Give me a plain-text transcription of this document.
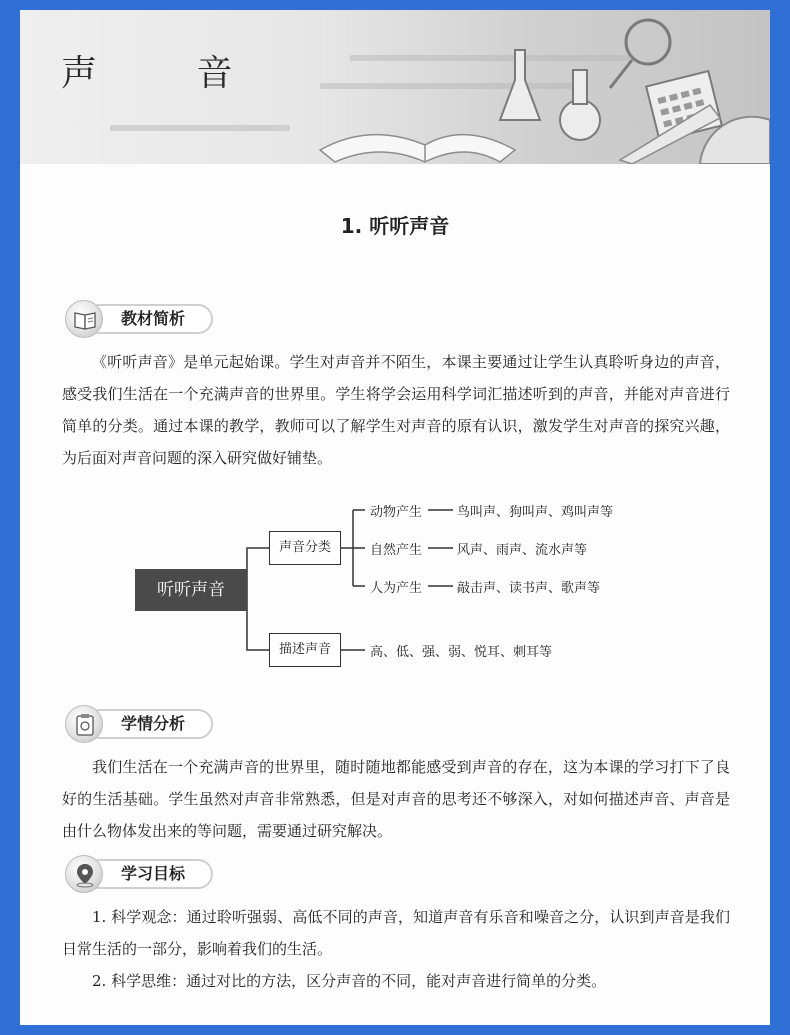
声 音
1. 听听声音
教材简析

《听听声音》是单元起始课。学生对声音并不陌生，本课主要通过让学生认真聆听身边的声音，感受我们生活在一个充满声音的世界里。学生将学会运用科学词汇描述听到的声音，并能对声音进行简单的分类。通过本课的教学，教师可以了解学生对声音的原有认识，激发学生对声音的探究兴趣，为后面对声音问题的深入研究做好铺垫。

听听声音
声音分类
描述声音
动物产生	鸟叫声、狗叫声、鸡叫声等
自然产生	风声、雨声、流水声等
人为产生	敲击声、读书声、歌声等
高、低、强、弱、悦耳、刺耳等
学情分析

我们生活在一个充满声音的世界里，随时随地都能感受到声音的存在，这为本课的学习打下了良好的生活基础。学生虽然对声音非常熟悉，但是对声音的思考还不够深入，对如何描述声音、声音是由什么物体发出来的等问题，需要通过研究解决。

学习目标

1. 科学观念：通过聆听强弱、高低不同的声音，知道声音有乐音和噪音之分，认识到声音是我们日常生活的一部分，影响着我们的生活。

2. 科学思维：通过对比的方法，区分声音的不同，能对声音进行简单的分类。
